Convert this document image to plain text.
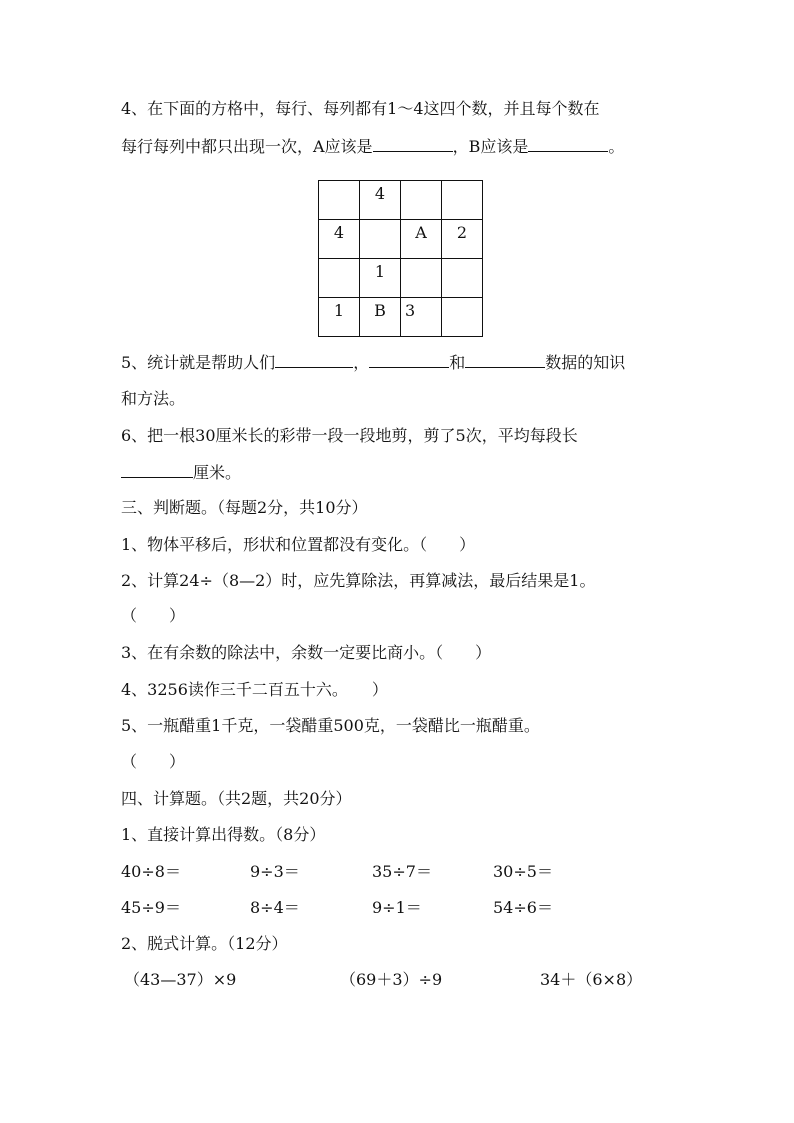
4、在下面的方格中，每行、每列都有1～4这四个数，并且每个数在
每行每列中都只出现一次，A应该是	，B应该是	。
	4		
4		A	2
	1		
1	B	3	
5、统计就是帮助人们	，	和	数据的知识
和方法。
6、把一根30厘米长的彩带一段一段地剪，剪了5次，平均每段长
厘米。
三、判断题。（每题2分，共10分）
1、物体平移后，形状和位置都没有变化。（　　）
2、计算24÷（8—2）时，应先算除法，再算减法，最后结果是1。
（　　）
3、在有余数的除法中，余数一定要比商小。（　　）
4、3256读作三千二百五十六。　　）
5、一瓶醋重1千克，一袋醋重500克，一袋醋比一瓶醋重。
（　　）
四、计算题。（共2题，共20分）
1、直接计算出得数。（8分）
40÷8＝	9÷3＝	35÷7＝	30÷5＝
45÷9＝	8÷4＝	9÷1＝	54÷6＝
2、脱式计算。（12分）
（43—37）×9	（69＋3）÷9	34＋（6×8）
